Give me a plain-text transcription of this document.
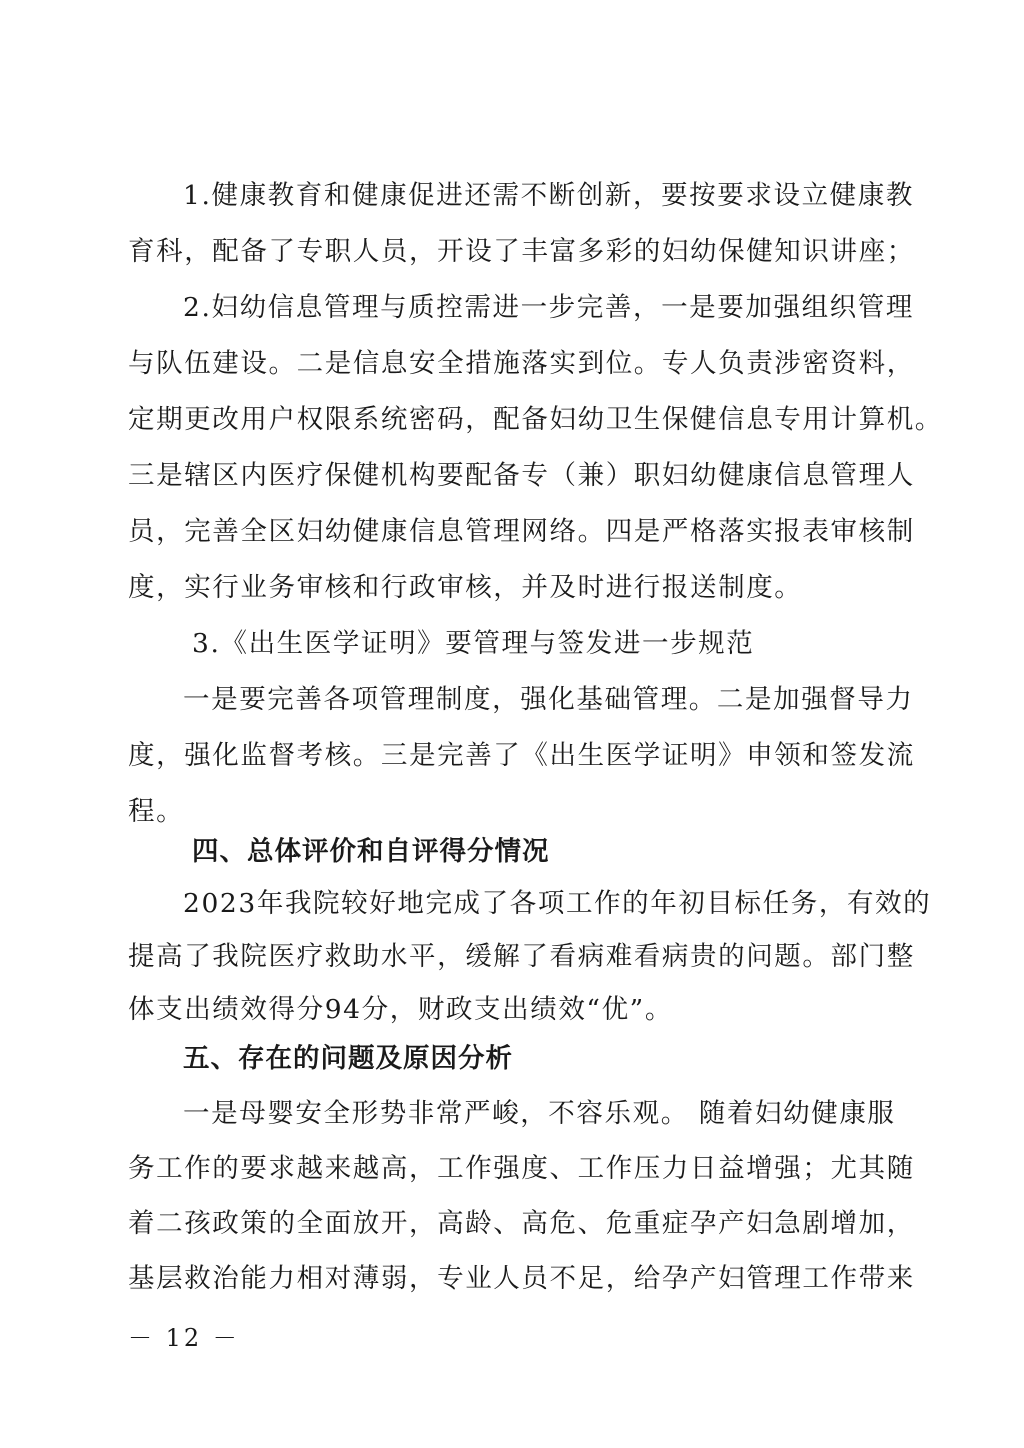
1.健康教育和健康促进还需不断创新，要按要求设立健康教
育科，配备了专职人员，开设了丰富多彩的妇幼保健知识讲座；
2.妇幼信息管理与质控需进一步完善，一是要加强组织管理
与队伍建设。二是信息安全措施落实到位。专人负责涉密资料，
定期更改用户权限系统密码，配备妇幼卫生保健信息专用计算机。
三是辖区内医疗保健机构要配备专（兼）职妇幼健康信息管理人
员，完善全区妇幼健康信息管理网络。四是严格落实报表审核制
度，实行业务审核和行政审核，并及时进行报送制度。
3.《出生医学证明》要管理与签发进一步规范
一是要完善各项管理制度，强化基础管理。二是加强督导力
度，强化监督考核。三是完善了《出生医学证明》申领和签发流
程。
四、总体评价和自评得分情况
2023年我院较好地完成了各项工作的年初目标任务，有效的
提高了我院医疗救助水平，缓解了看病难看病贵的问题。部门整
体支出绩效得分94分，财政支出绩效“优”。
五、存在的问题及原因分析
一是母婴安全形势非常严峻，不容乐观。 随着妇幼健康服
务工作的要求越来越高，工作强度、工作压力日益增强；尤其随
着二孩政策的全面放开，高龄、高危、危重症孕产妇急剧增加，
基层救治能力相对薄弱，专业人员不足，给孕产妇管理工作带来
－ 12 －
